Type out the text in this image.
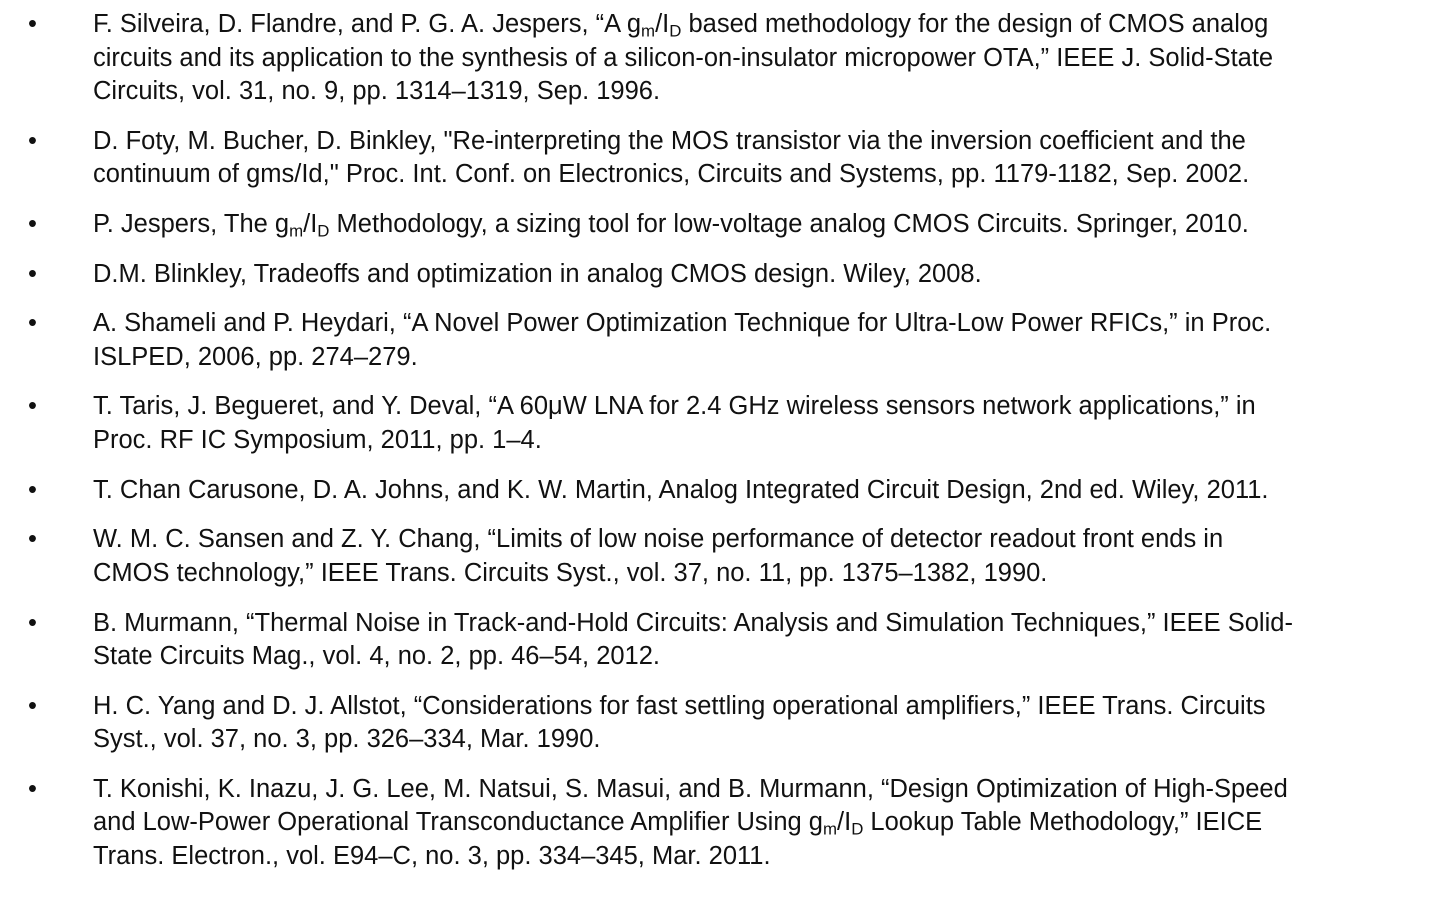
•	F. Silveira, D. Flandre, and P. G. A. Jespers, “A $g_m/I_D$ based methodology for the design of CMOS analog
circuits and its application to the synthesis of a silicon-on-insulator micropower OTA,” IEEE J. Solid-State
Circuits, vol. 31, no. 9, pp. 1314–1319, Sep. 1996.
•	D. Foty, M. Bucher, D. Binkley, "Re-interpreting the MOS transistor via the inversion coefficient and the
continuum of gms/Id," Proc. Int. Conf. on Electronics, Circuits and Systems, pp. 1179-1182, Sep. 2002.
•	P. Jespers, The $g_m/I_D$ Methodology, a sizing tool for low-voltage analog CMOS Circuits. Springer, 2010.
•	D.M. Blinkley, Tradeoffs and optimization in analog CMOS design. Wiley, 2008.
•	A. Shameli and P. Heydari, “A Novel Power Optimization Technique for Ultra-Low Power RFICs,” in Proc.
ISLPED, 2006, pp. 274–279.
•	T. Taris, J. Begueret, and Y. Deval, “A 60μW LNA for 2.4 GHz wireless sensors network applications,” in
Proc. RF IC Symposium, 2011, pp. 1–4.
•	T. Chan Carusone, D. A. Johns, and K. W. Martin, Analog Integrated Circuit Design, 2nd ed. Wiley, 2011.
•	W. M. C. Sansen and Z. Y. Chang, “Limits of low noise performance of detector readout front ends in
CMOS technology,” IEEE Trans. Circuits Syst., vol. 37, no. 11, pp. 1375–1382, 1990.
•	B. Murmann, “Thermal Noise in Track-and-Hold Circuits: Analysis and Simulation Techniques,” IEEE Solid-
State Circuits Mag., vol. 4, no. 2, pp. 46–54, 2012.
•	H. C. Yang and D. J. Allstot, “Considerations for fast settling operational amplifiers,” IEEE Trans. Circuits
Syst., vol. 37, no. 3, pp. 326–334, Mar. 1990.
•	T. Konishi, K. Inazu, J. G. Lee, M. Natsui, S. Masui, and B. Murmann, “Design Optimization of High-Speed
and Low-Power Operational Transconductance Amplifier Using $g_m/I_D$ Lookup Table Methodology,” IEICE
Trans. Electron., vol. E94–C, no. 3, pp. 334–345, Mar. 2011.
